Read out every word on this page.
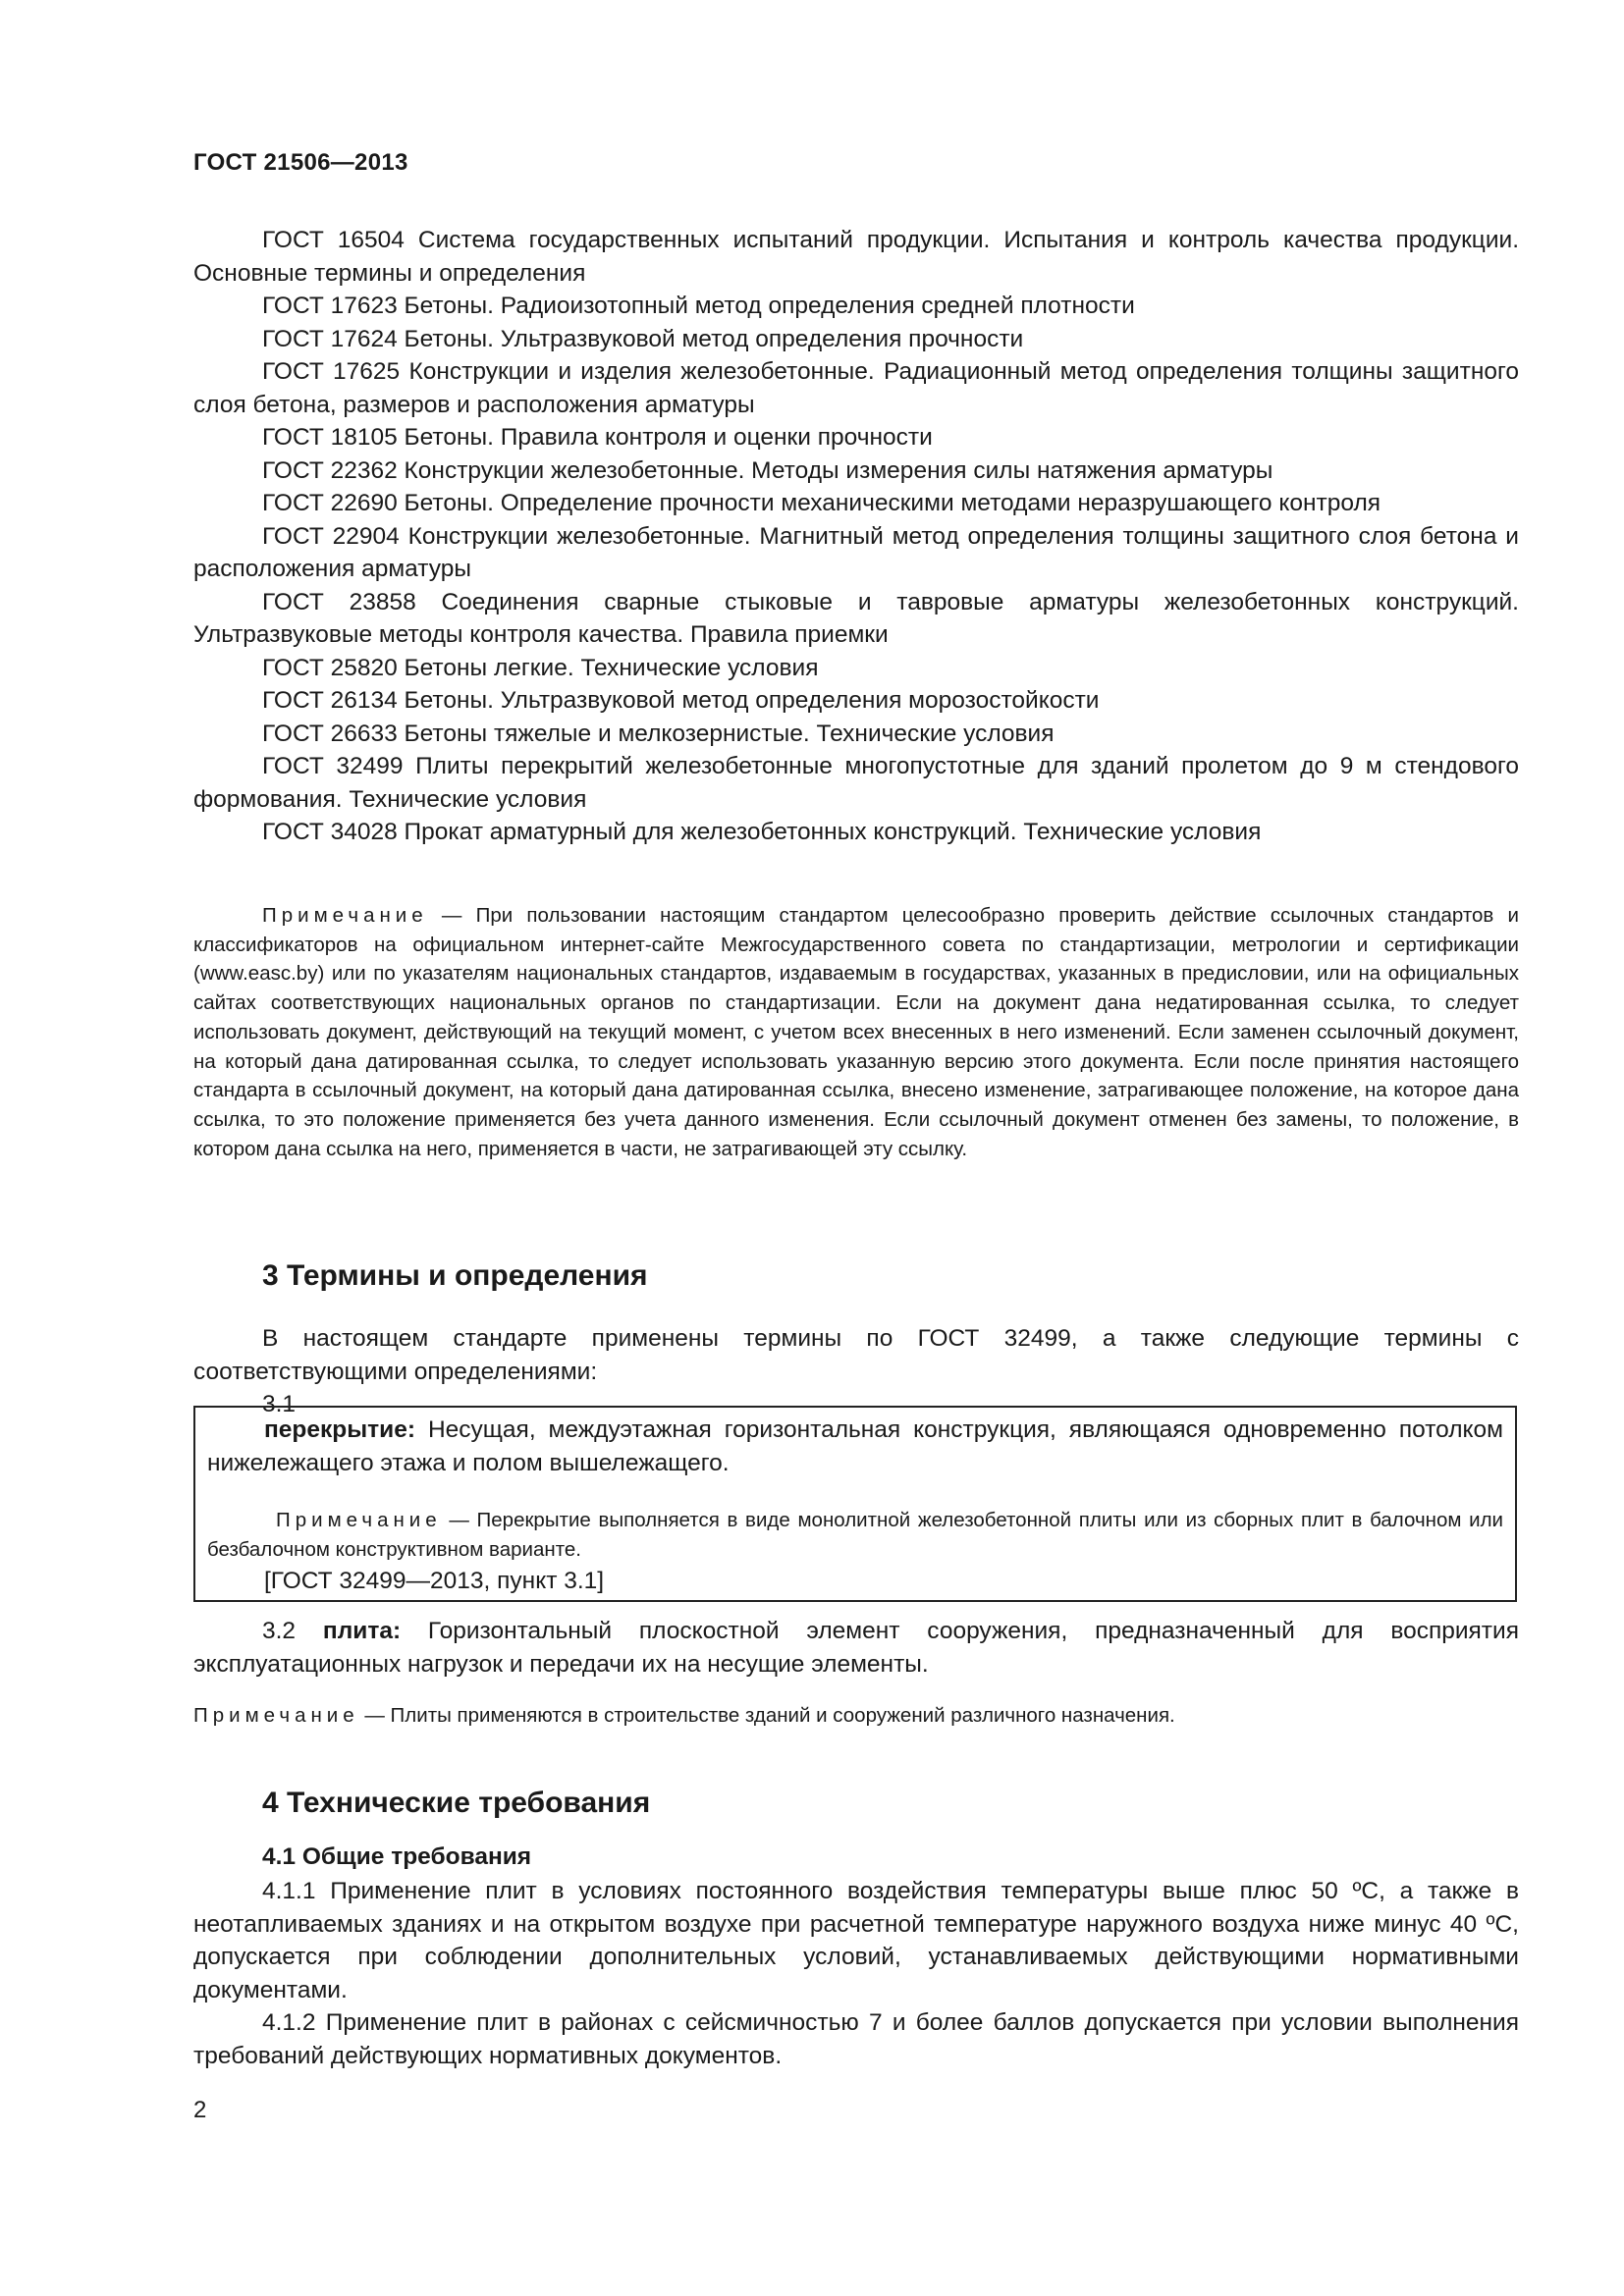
ГОСТ 21506—2013

ГОСТ 16504 Система государственных испытаний продукции. Испытания и контроль качества продукции. Основные термины и определения

ГОСТ 17623 Бетоны. Радиоизотопный метод определения средней плотности

ГОСТ 17624 Бетоны. Ультразвуковой метод определения прочности

ГОСТ 17625 Конструкции и изделия железобетонные. Радиационный метод определения толщины защитного слоя бетона, размеров и расположения арматуры

ГОСТ 18105 Бетоны. Правила контроля и оценки прочности

ГОСТ 22362 Конструкции железобетонные. Методы измерения силы натяжения арматуры

ГОСТ 22690 Бетоны. Определение прочности механическими методами неразрушающего контроля

ГОСТ 22904 Конструкции железобетонные. Магнитный метод определения толщины защитного слоя бетона и расположения арматуры

ГОСТ 23858 Соединения сварные стыковые и тавровые арматуры железобетонных конструкций. Ультразвуковые методы контроля качества. Правила приемки

ГОСТ 25820 Бетоны легкие. Технические условия

ГОСТ 26134 Бетоны. Ультразвуковой метод определения морозостойкости

ГОСТ 26633 Бетоны тяжелые и мелкозернистые. Технические условия

ГОСТ 32499 Плиты перекрытий железобетонные многопустотные для зданий пролетом до 9 м стендового формования. Технические условия

ГОСТ 34028 Прокат арматурный для железобетонных конструкций. Технические условия

Примечание — При пользовании настоящим стандартом целесообразно проверить действие ссылочных стандартов и классификаторов на официальном интернет-сайте Межгосударственного совета по стандартизации, метрологии и сертификации (www.easc.by) или по указателям национальных стандартов, издаваемым в государствах, указанных в предисловии, или на официальных сайтах соответствующих национальных органов по стандартизации. Если на документ дана недатированная ссылка, то следует использовать документ, действующий на текущий момент, с учетом всех внесенных в него изменений. Если заменен ссылочный документ, на который дана датированная ссылка, то следует использовать указанную версию этого документа. Если после принятия настоящего стандарта в ссылочный документ, на который дана датированная ссылка, внесено изменение, затрагивающее положение, на которое дана ссылка, то это положение применяется без учета данного изменения. Если ссылочный документ отменен без замены, то положение, в котором дана ссылка на него, применяется в части, не затрагивающей эту ссылку.

3 Термины и определения

В настоящем стандарте применены термины по ГОСТ 32499, а также следующие термины с соответствующими определениями:

3.1

перекрытие: Несущая, междуэтажная горизонтальная конструкция, являющаяся одновременно потолком нижележащего этажа и полом вышележащего.

Примечание — Перекрытие выполняется в виде монолитной железобетонной плиты или из сборных плит в балочном или безбалочном конструктивном варианте.

[ГОСТ 32499—2013, пункт 3.1]

3.2 плита: Горизонтальный плоскостной элемент сооружения, предназначенный для восприятия эксплуатационных нагрузок и передачи их на несущие элементы.

Примечание — Плиты применяются в строительстве зданий и сооружений различного назначения.

4 Технические требования
4.1 Общие требования

4.1.1 Применение плит в условиях постоянного воздействия температуры выше плюс 50 ºС, а также в неотапливаемых зданиях и на открытом воздухе при расчетной температуре наружного воздуха ниже минус 40 ºС, допускается при соблюдении дополнительных условий, устанавливаемых действующими нормативными документами.

4.1.2 Применение плит в районах с сейсмичностью 7 и более баллов допускается при условии выполнения требований действующих нормативных документов.

2
